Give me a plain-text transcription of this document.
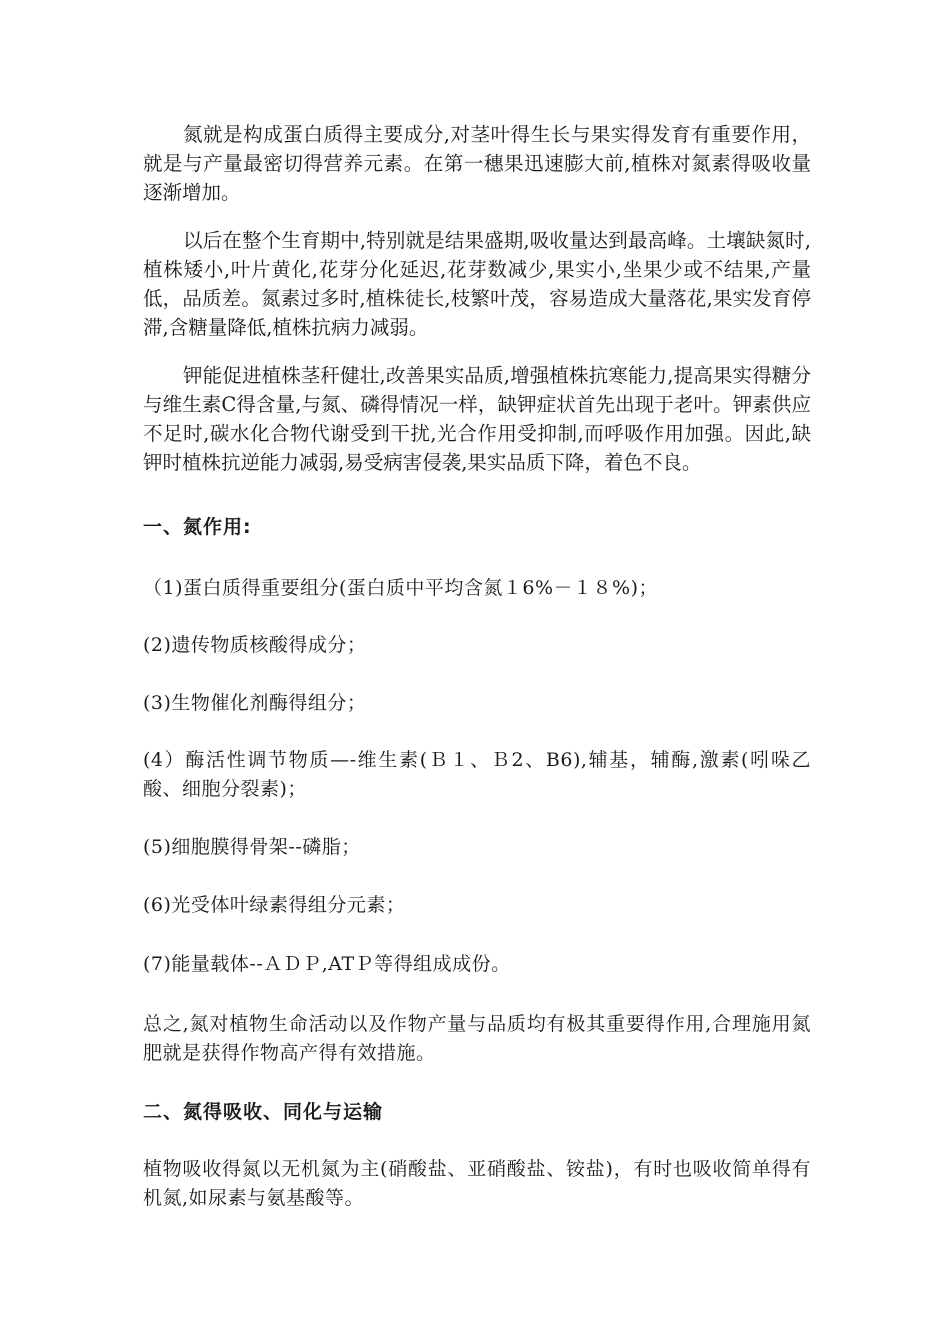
氮就是构成蛋白质得主要成分,对茎叶得生长与果实得发育有重要作用，就是与产量最密切得营养元素。在第一穗果迅速膨大前,植株对氮素得吸收量逐渐增加。

以后在整个生育期中,特别就是结果盛期,吸收量达到最高峰。土壤缺氮时,植株矮小,叶片黄化,花芽分化延迟,花芽数减少,果实小,坐果少或不结果,产量低，品质差。氮素过多时,植株徒长,枝繁叶茂，容易造成大量落花,果实发育停滞,含糖量降低,植株抗病力减弱。

钾能促进植株茎秆健壮,改善果实品质,增强植株抗寒能力,提高果实得糖分与维生素C得含量,与氮、磷得情况一样，缺钾症状首先出现于老叶。钾素供应不足时,碳水化合物代谢受到干扰,光合作用受抑制,而呼吸作用加强。因此,缺钾时植株抗逆能力减弱,易受病害侵袭,果实品质下降，着色不良。

一、氮作用:

（1)蛋白质得重要组分(蛋白质中平均含氮１6%－１８%)；

(2)遗传物质核酸得成分；

(3)生物催化剂酶得组分；

(4）酶活性调节物质—-维生素(Ｂ１、Ｂ2、B6),辅基，辅酶,激素(吲哚乙酸、细胞分裂素)；

(5)细胞膜得骨架--磷脂；

(6)光受体叶绿素得组分元素；

(7)能量载体--ＡＤＰ,ATＰ等得组成成份。

总之,氮对植物生命活动以及作物产量与品质均有极其重要得作用,合理施用氮肥就是获得作物高产得有效措施。

二、氮得吸收、同化与运输

植物吸收得氮以无机氮为主(硝酸盐、亚硝酸盐、铵盐)，有时也吸收简单得有机氮,如尿素与氨基酸等。
